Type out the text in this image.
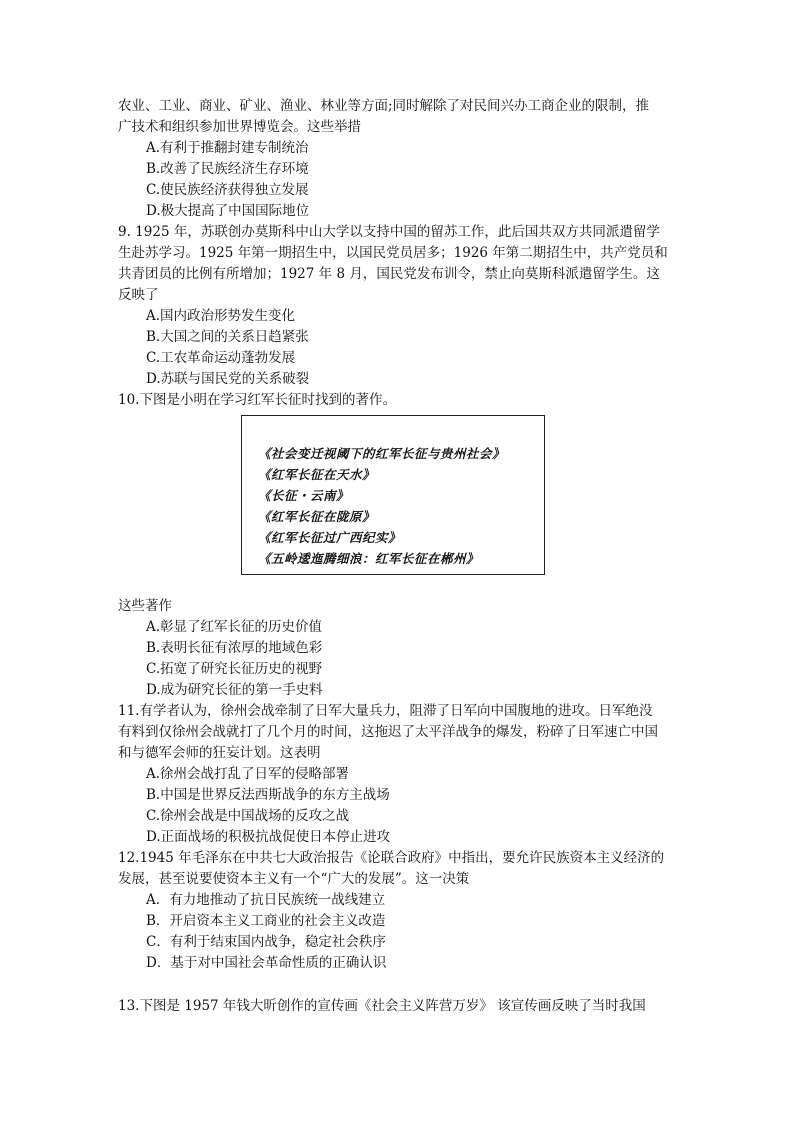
农业、工业、商业、矿业、渔业、林业等方面;同时解除了对民间兴办工商企业的限制，推
广技术和组织参加世界博览会。这些举措
A.有利于推翻封建专制统治
B.改善了民族经济生存环境
C.使民族经济获得独立发展
D.极大提高了中国国际地位
9. 1925 年，苏联创办莫斯科中山大学以支持中国的留苏工作，此后国共双方共同派遣留学
生赴苏学习。1925 年第一期招生中，以国民党员居多；1926 年第二期招生中，共产党员和
共青团员的比例有所增加；1927 年 8 月，国民党发布训令，禁止向莫斯科派遣留学生。这
反映了
A.国内政治形势发生变化
B.大国之间的关系日趋紧张
C.工农革命运动蓬勃发展
D.苏联与国民党的关系破裂
10.下图是小明在学习红军长征时找到的著作。
《社会变迁视阈下的红军长征与贵州社会》
《红军长征在天水》
《长征・云南》
《红军长征在陇原》
《红军长征过广西纪实》
《五岭逶迤腾细浪：红军长征在郴州》
这些著作
A.彰显了红军长征的历史价值
B.表明长征有浓厚的地域色彩
C.拓宽了研究长征历史的视野
D.成为研究长征的第一手史料
11.有学者认为，徐州会战牵制了日军大量兵力，阻滞了日军向中国腹地的进攻。日军绝没
有料到仅徐州会战就打了几个月的时间，这拖迟了太平洋战争的爆发，粉碎了日军速亡中国
和与德军会师的狂妄计划。这表明
A.徐州会战打乱了日军的侵略部署
B.中国是世界反法西斯战争的东方主战场
C.徐州会战是中国战场的反攻之战
D.正面战场的积极抗战促使日本停止进攻
12.1945 年毛泽东在中共七大政治报告《论联合政府》中指出，要允许民族资本主义经济的
发展，甚至说要使资本主义有一个“广大的发展”。这一决策
A．有力地推动了抗日民族统一战线建立
B．开启资本主义工商业的社会主义改造
C．有利于结束国内战争，稳定社会秩序
D．基于对中国社会革命性质的正确认识
13.下图是 1957 年钱大昕创作的宣传画《社会主义阵营万岁》 该宣传画反映了当时我国
